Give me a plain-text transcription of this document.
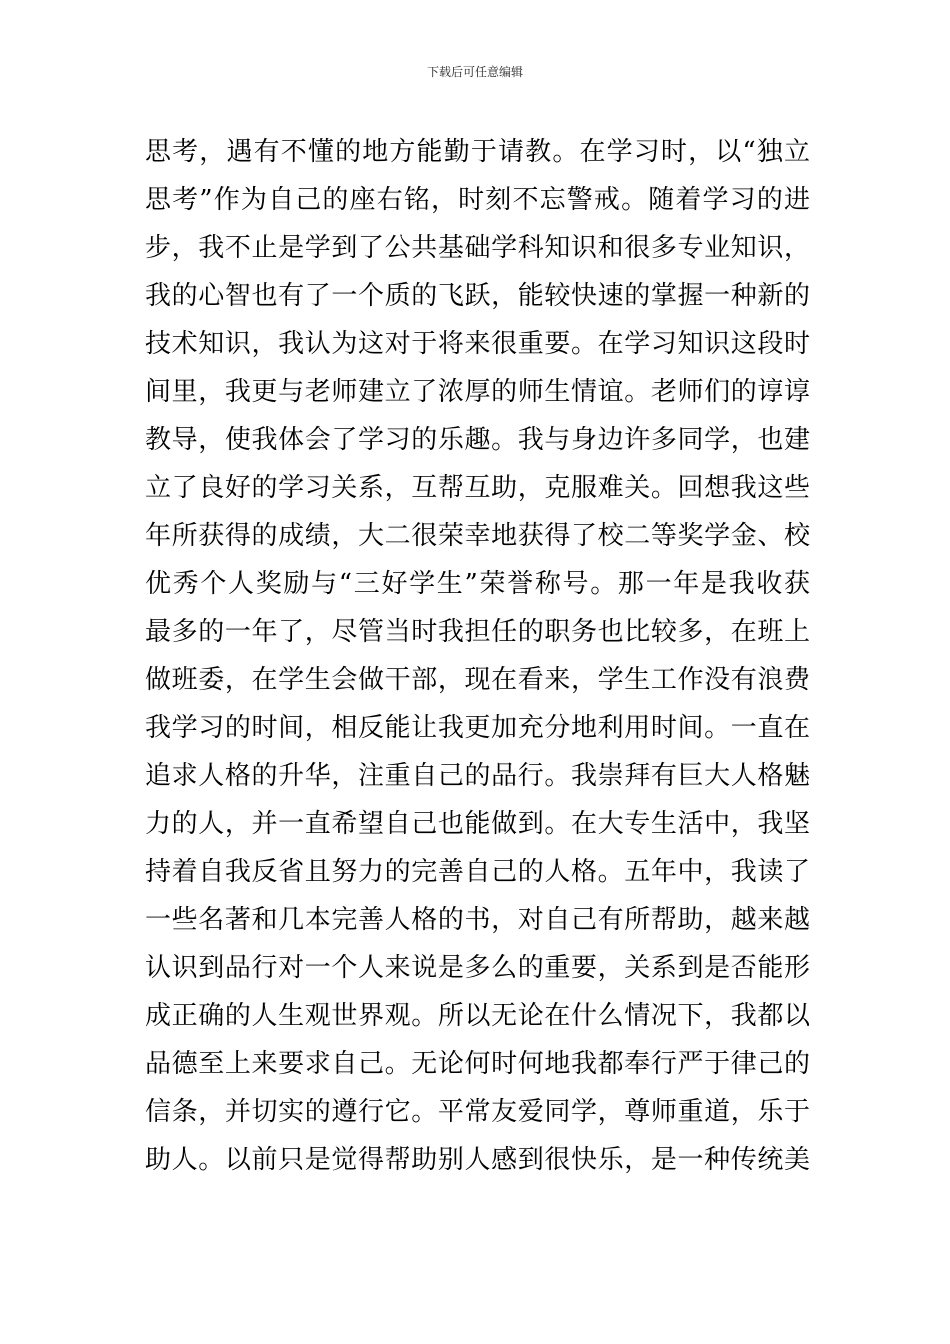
下载后可任意编辑
思考，遇有不懂的地方能勤于请教。在学习时，以“独立
思考”作为自己的座右铭，时刻不忘警戒。随着学习的进
步，我不止是学到了公共基础学科知识和很多专业知识，
我的心智也有了一个质的飞跃，能较快速的掌握一种新的
技术知识，我认为这对于将来很重要。在学习知识这段时
间里，我更与老师建立了浓厚的师生情谊。老师们的谆谆
教导，使我体会了学习的乐趣。我与身边许多同学，也建
立了良好的学习关系，互帮互助，克服难关。回想我这些
年所获得的成绩，大二很荣幸地获得了校二等奖学金、校
优秀个人奖励与“三好学生”荣誉称号。那一年是我收获
最多的一年了，尽管当时我担任的职务也比较多，在班上
做班委，在学生会做干部，现在看来，学生工作没有浪费
我学习的时间，相反能让我更加充分地利用时间。一直在
追求人格的升华，注重自己的品行。我崇拜有巨大人格魅
力的人，并一直希望自己也能做到。在大专生活中，我坚
持着自我反省且努力的完善自己的人格。五年中，我读了
一些名著和几本完善人格的书，对自己有所帮助，越来越
认识到品行对一个人来说是多么的重要，关系到是否能形
成正确的人生观世界观。所以无论在什么情况下，我都以
品德至上来要求自己。无论何时何地我都奉行严于律己的
信条，并切实的遵行它。平常友爱同学，尊师重道，乐于
助人。以前只是觉得帮助别人感到很快乐，是一种传统美
